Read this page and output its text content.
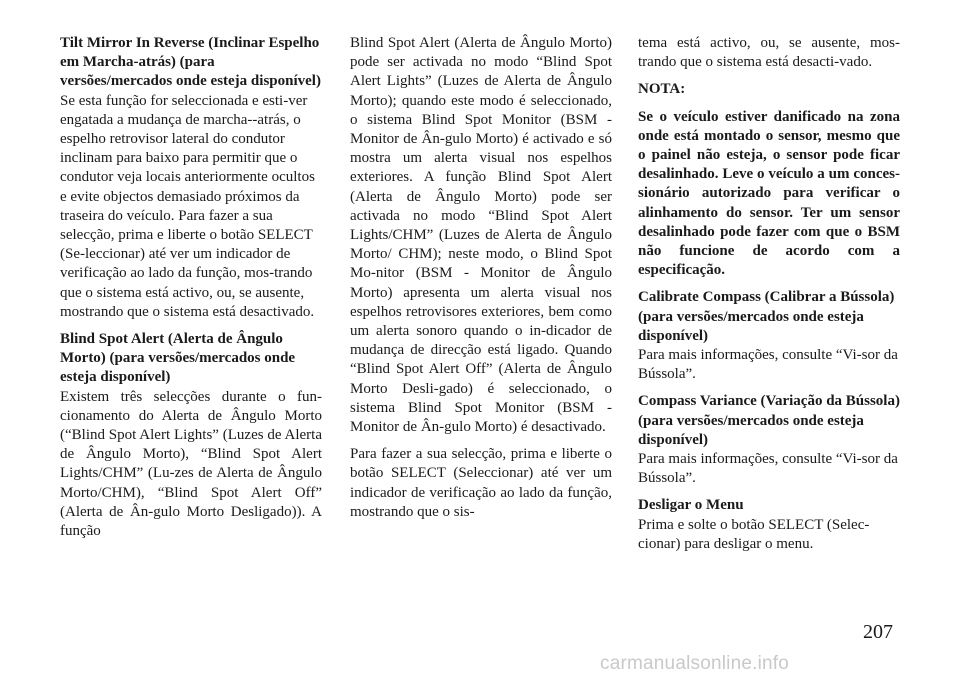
Tilt Mirror In Reverse (Inclinar Espelho em Marcha-atrás) (para versões/mercados onde esteja disponível)
Se esta função for seleccionada e esti-ver engatada a mudança de marcha--atrás, o espelho retrovisor lateral do condutor inclinam para baixo para permitir que o condutor veja locais anteriormente ocultos e evite objectos demasiado próximos da traseira do veículo. Para fazer a sua selecção, prima e liberte o botão SELECT (Se-leccionar) até ver um indicador de verificação ao lado da função, mos-trando que o sistema está activo, ou, se ausente, mostrando que o sistema está desactivado.

Blind Spot Alert (Alerta de Ângulo Morto) (para versões/mercados onde esteja disponível)
Existem três selecções durante o fun-cionamento do Alerta de Ângulo Morto (“Blind Spot Alert Lights” (Luzes de Alerta de Ângulo Morto), “Blind Spot Alert Lights/CHM” (Lu-zes de Alerta de Ângulo Morto/CHM), “Blind Spot Alert Off” (Alerta de Ân-gulo Morto Desligado)). A função

Blind Spot Alert (Alerta de Ângulo Morto) pode ser activada no modo “Blind Spot Alert Lights” (Luzes de Alerta de Ângulo Morto); quando este modo é seleccionado, o sistema Blind Spot Monitor (BSM - Monitor de Ân-gulo Morto) é activado e só mostra um alerta visual nos espelhos exteriores. A função Blind Spot Alert (Alerta de Ângulo Morto) pode ser activada no modo “Blind Spot Alert Lights/CHM” (Luzes de Alerta de Ângulo Morto/ CHM); neste modo, o Blind Spot Mo-nitor (BSM - Monitor de Ângulo Morto) apresenta um alerta visual nos espelhos retrovisores exteriores, bem como um alerta sonoro quando o in-dicador de mudança de direcção está ligado. Quando “Blind Spot Alert Off” (Alerta de Ângulo Morto Desli-gado) é seleccionado, o sistema Blind Spot Monitor (BSM - Monitor de Ân-gulo Morto) é desactivado.

Para fazer a sua selecção, prima e liberte o botão SELECT (Seleccionar) até ver um indicador de verificação ao lado da função, mostrando que o sis-

tema está activo, ou, se ausente, mos-trando que o sistema está desacti-vado.

NOTA:

Se o veículo estiver danificado na zona onde está montado o sensor, mesmo que o painel não esteja, o sensor pode ficar desalinhado. Leve o veículo a um conces-sionário autorizado para verificar o alinhamento do sensor. Ter um sensor desalinhado pode fazer com que o BSM não funcione de acordo com a especificação.

Calibrate Compass (Calibrar a Bússola) (para versões/mercados onde esteja disponível)
Para mais informações, consulte “Vi-sor da Bússola”.

Compass Variance (Variação da Bússola) (para versões/mercados onde esteja disponível)
Para mais informações, consulte “Vi-sor da Bússola”.

Desligar o Menu
Prima e solte o botão SELECT (Selec-cionar) para desligar o menu.

207
carmanualsonline.info
